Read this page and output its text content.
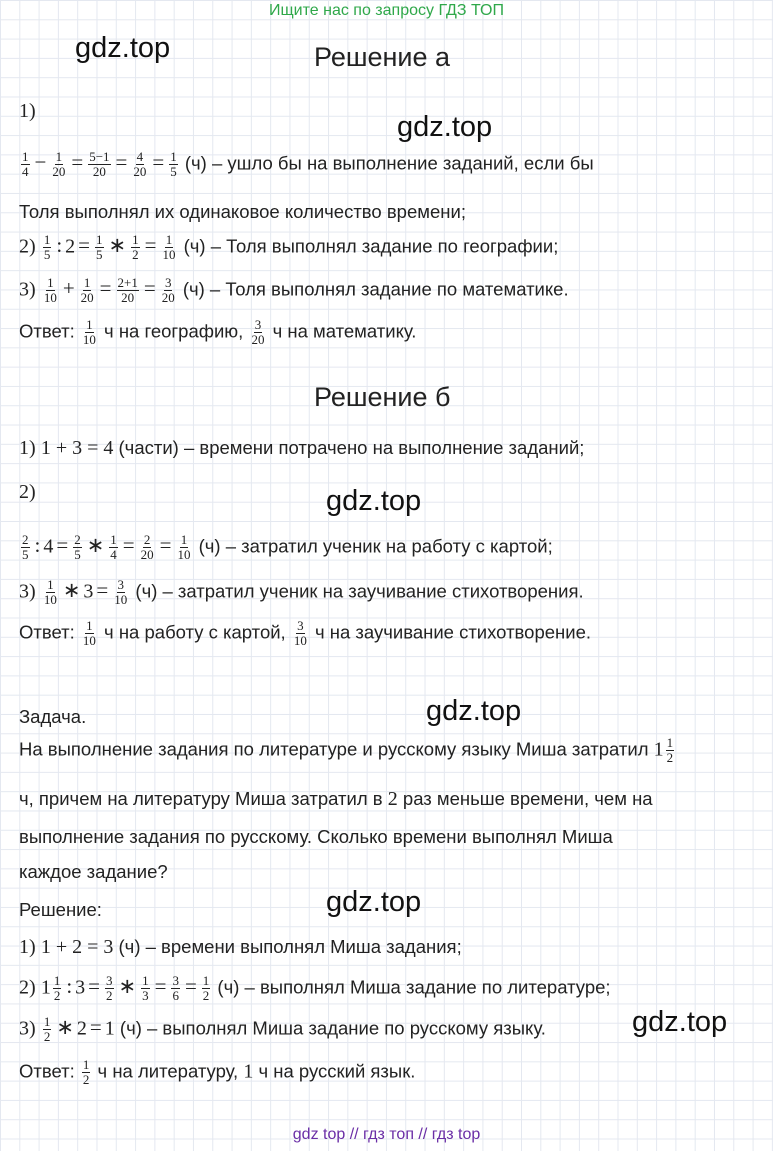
Ищите нас по запросу ГДЗ ТОП
gdz.top
gdz.top
gdz.top
gdz.top
gdz.top
gdz.top
Решение а
1)
$\frac{1}{4} - \frac{1}{20} = \frac{5-1}{20} = \frac{4}{20} = \frac{1}{5} (ч)$ – ушло бы на выполнение заданий, если бы
Толя выполнял их одинаковое количество времени;
$2) \frac{1}{5}$ : $2 = \frac{1}{5}$ ∗ $\frac{1}{2} = \frac{1}{10} (ч)$ – Толя выполнял задание по географии;
$3) \frac{1}{10} + \frac{1}{20} = \frac{2+1}{20} = \frac{3}{20} (ч)$ – Толя выполнял задание по математике.
Ответ: $\frac{1}{10}$ ч на географию, $\frac{3}{20}$ ч на математику.
Решение б
1) 1 + 3 = 4 (части) – времени потрачено на выполнение заданий;
2)
$\frac{2}{5}$ : $4 = \frac{2}{5}$ ∗ $\frac{1}{4} = \frac{2}{20} = \frac{1}{10} (ч)$ – затратил ученик на работу с картой;
$3) \frac{1}{10}$ ∗ $3 = \frac{3}{10} (ч)$ – затратил ученик на заучивание стихотворения.
Ответ: $\frac{1}{10}$ ч на работу с картой, $\frac{3}{10}$ ч на заучивание стихотворение.
Задача.
На выполнение задания по литературе и русскому языку Миша затратил $1 \frac{1}{2}$
ч, причем на литературу Миша затратил в 2 раз меньше времени, чем на
выполнение задания по русскому. Сколько времени выполнял Миша
каждое задание?
Решение:
1) 1 + 2 = 3 (ч) – времени выполнял Миша задания;
2) $1 \frac{1}{2}$ : $3 = \frac{3}{2}$ ∗ $\frac{1}{3} = \frac{3}{6} = \frac{1}{2} (ч)$ – выполнял Миша задание по литературе;
$3) \frac{1}{2}$ ∗ 2 = 1 (ч) – выполнял Миша задание по русскому языку.
Ответ: $\frac{1}{2}$ ч на литературу, 1 ч на русский язык.
gdz top // гдз топ // гдз top
